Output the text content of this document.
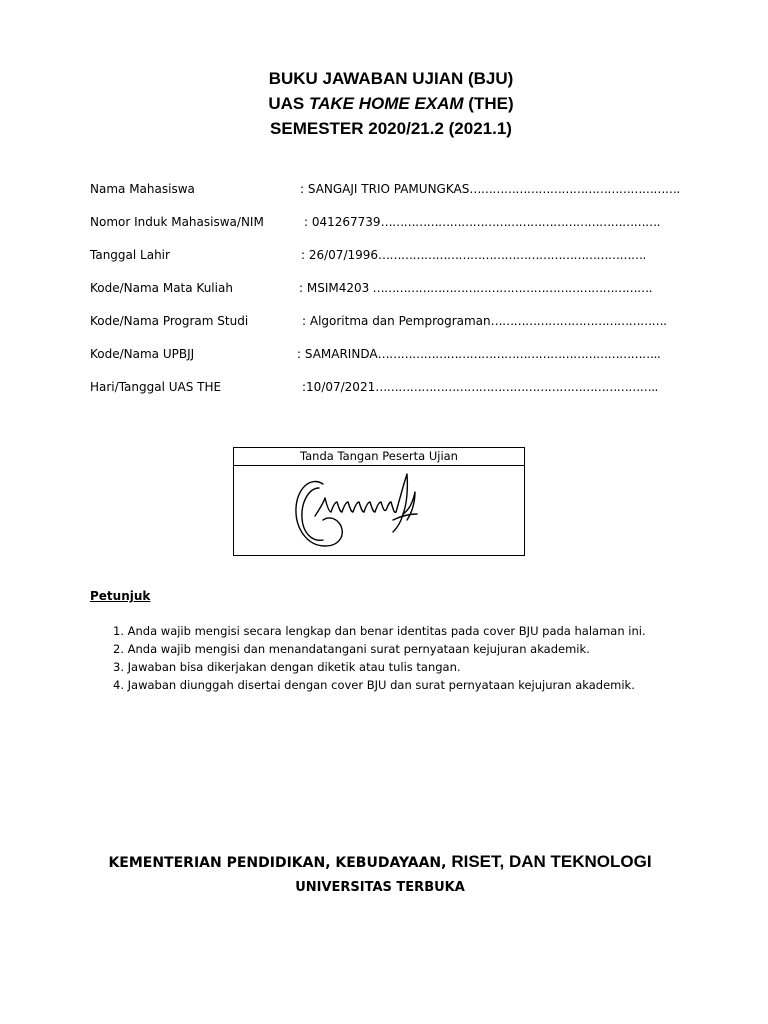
BUKU JAWABAN UJIAN (BJU)
UAS TAKE HOME EXAM (THE)
SEMESTER 2020/21.2 (2021.1)
Nama Mahasiswa	: SANGAJI TRIO PAMUNGKAS……………………………………………….
Nomor Induk Mahasiswa/NIM	: 041267739……………………………………………………………….
Tanggal Lahir	: 26/07/1996…………………………………………………………….
Kode/Nama Mata Kuliah	: MSIM4203 ……………………………………………………………….
Kode/Nama Program Studi	: Algoritma dan Pemprograman……………………………………….
Kode/Nama UPBJJ	: SAMARINDA………………………………………………………………..
Hari/Tanggal UAS THE	:10/07/2021………………………………………………………………..
Tanda Tangan Peserta Ujian
Petunjuk
1. Anda wajib mengisi secara lengkap dan benar identitas pada cover BJU pada halaman ini.
2. Anda wajib mengisi dan menandatangani surat pernyataan kejujuran akademik.
3. Jawaban bisa dikerjakan dengan diketik atau tulis tangan.
4. Jawaban diunggah disertai dengan cover BJU dan surat pernyataan kejujuran akademik.
KEMENTERIAN PENDIDIKAN, KEBUDAYAAN, RISET, DAN TEKNOLOGI
UNIVERSITAS TERBUKA
